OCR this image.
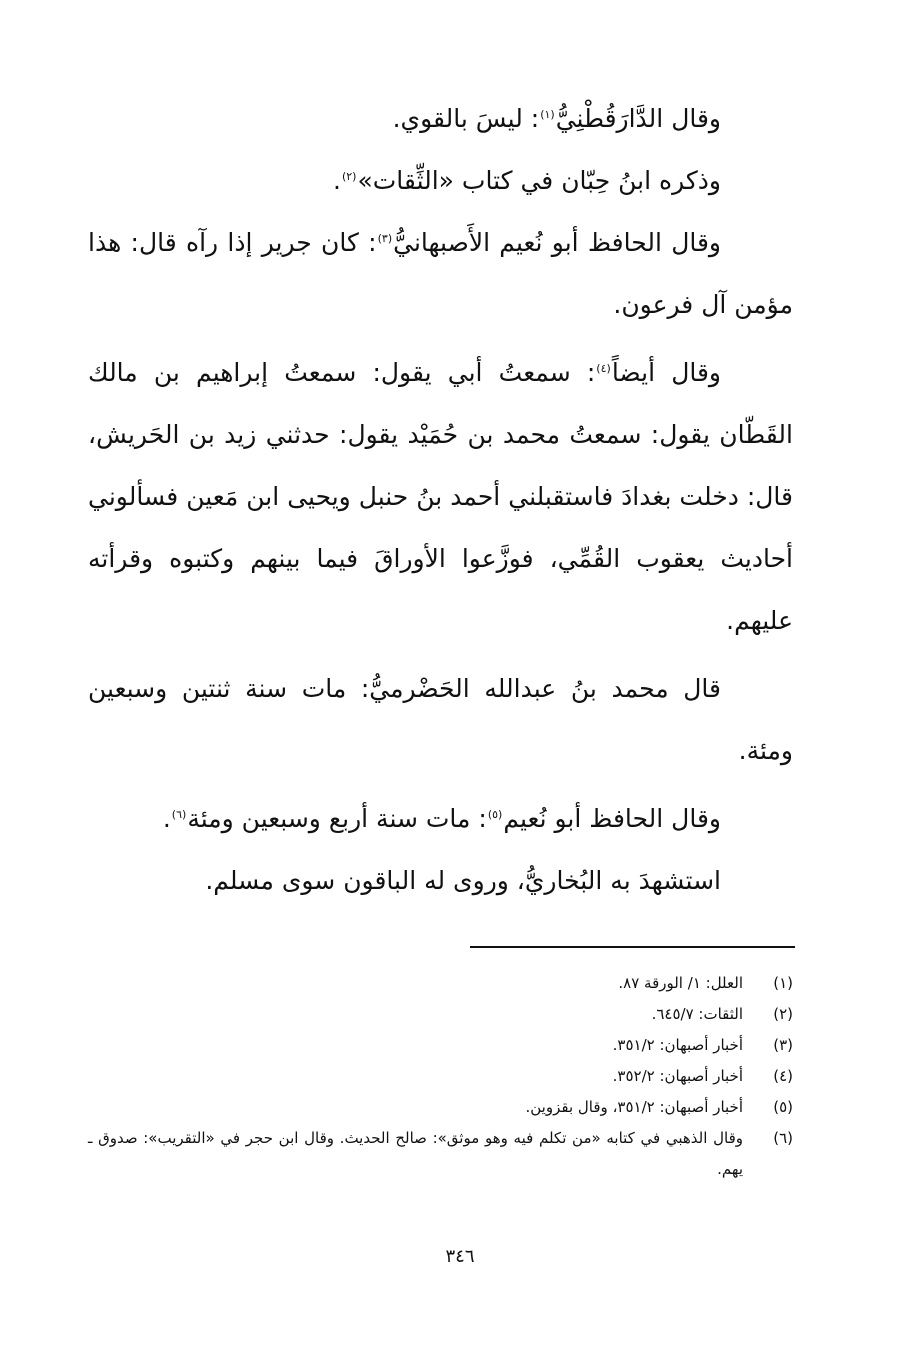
وقال الدَّارَقُطْنِيُّ$^{(١)}$: ليسَ بالقوي.

وذكره ابنُ حِبّان في كتاب «الثِّقات»$^{(٢)}$.

وقال الحافظ أبو نُعيم الأَصبهانيُّ$^{(٣)}$: كان جرير إذا رآه قال: هذا مؤمن آل فرعون.

وقال أيضاً$^{(٤)}$: سمعتُ أبي يقول: سمعتُ إبراهيم بن مالك القَطّان يقول: سمعتُ محمد بن حُمَيْد يقول: حدثني زيد بن الحَريش، قال: دخلت بغدادَ فاستقبلني أحمد بنُ حنبل ويحيى ابن مَعين فسألوني أحاديث يعقوب القُمِّي، فوزَّعوا الأوراقَ فيما بينهم وكتبوه وقرأته عليهم.

قال محمد بنُ عبدالله الحَضْرميُّ: مات سنة ثنتين وسبعين ومئة.

وقال الحافظ أبو نُعيم$^{(٥)}$: مات سنة أربع وسبعين ومئة$^{(٦)}$.

استشهدَ به البُخاريُّ، وروى له الباقون سوى مسلم.

(١)
العلل: ١/ الورقة ٨٧.
(٢)
الثقات: ٦٤٥/٧.
(٣)
أخبار أصبهان: ٣٥١/٢.
(٤)
أخبار أصبهان: ٣٥٢/٢.
(٥)
أخبار أصبهان: ٣٥١/٢، وقال بقزوين.
(٦)
وقال الذهبي في كتابه «من تكلم فيه وهو موثق»: صالح الحديث. وقال ابن حجر في «التقريب»: صدوق ـ يهم.
٣٤٦
